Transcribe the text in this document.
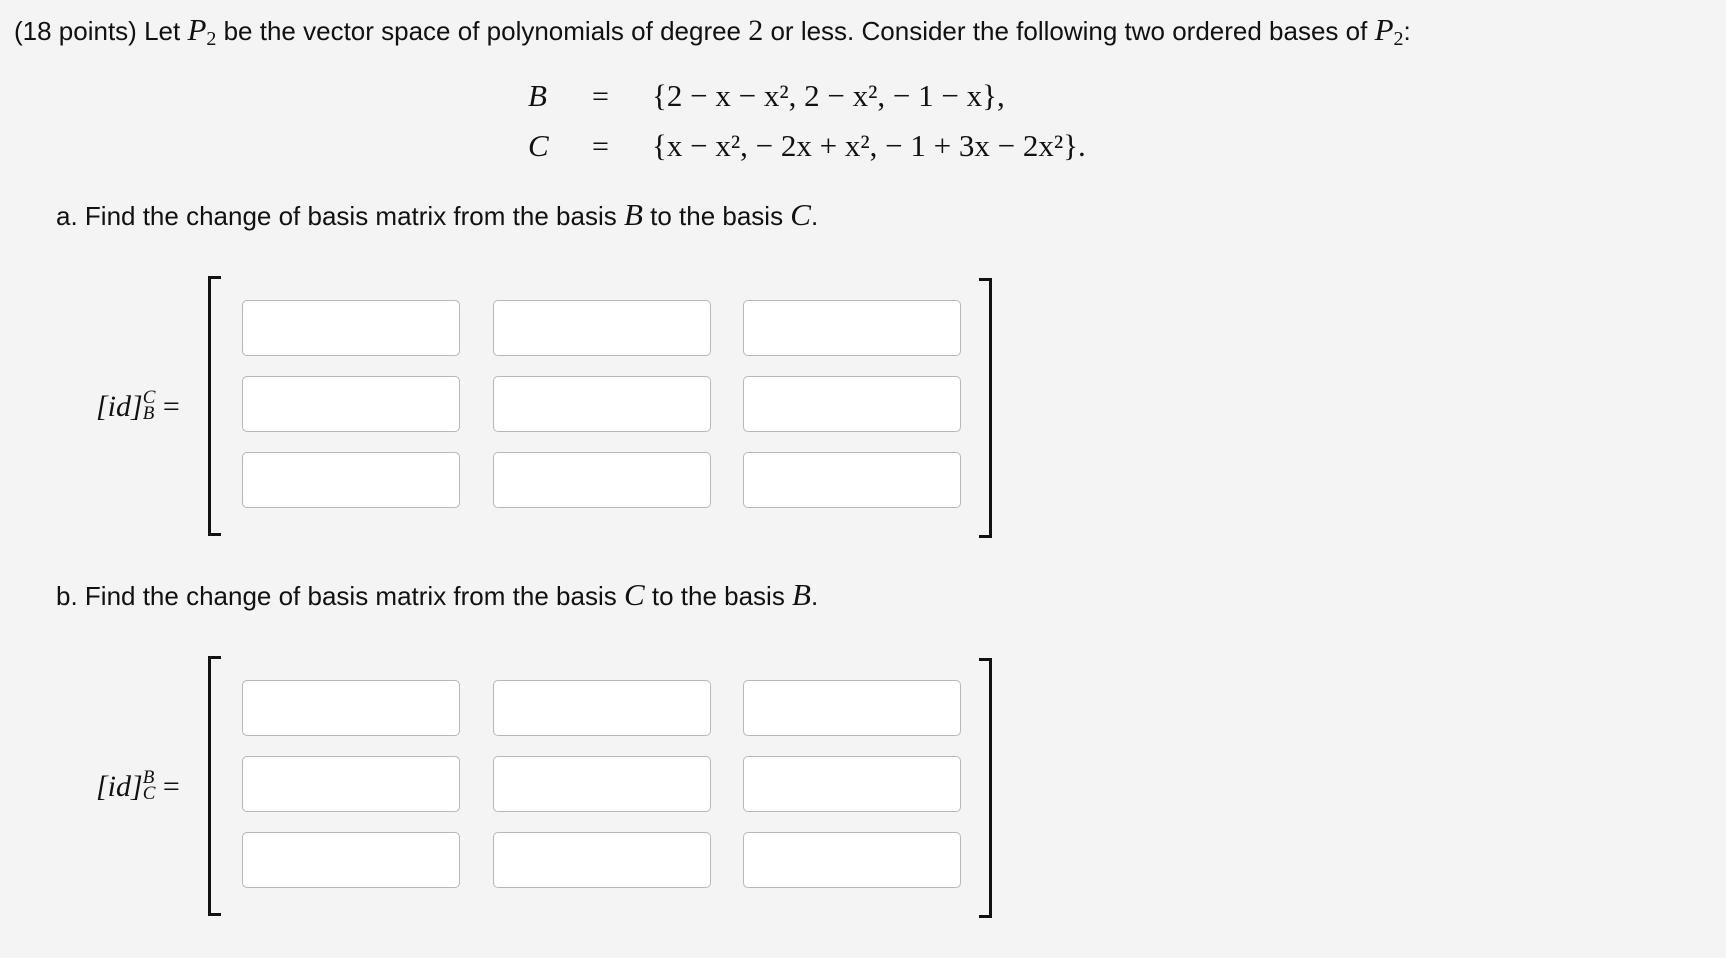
(18 points) Let $P_2$ be the vector space of polynomials of degree 2 or less. Consider the following two ordered bases of $P_2$:
B = {2 − x − x², 2 − x², − 1 − x},
C = {x − x², − 2x + x², − 1 + 3x − 2x²}.
a. Find the change of basis matrix from the basis B to the basis C.
[id] C
B =
b. Find the change of basis matrix from the basis C to the basis B.
[id] B
C =
